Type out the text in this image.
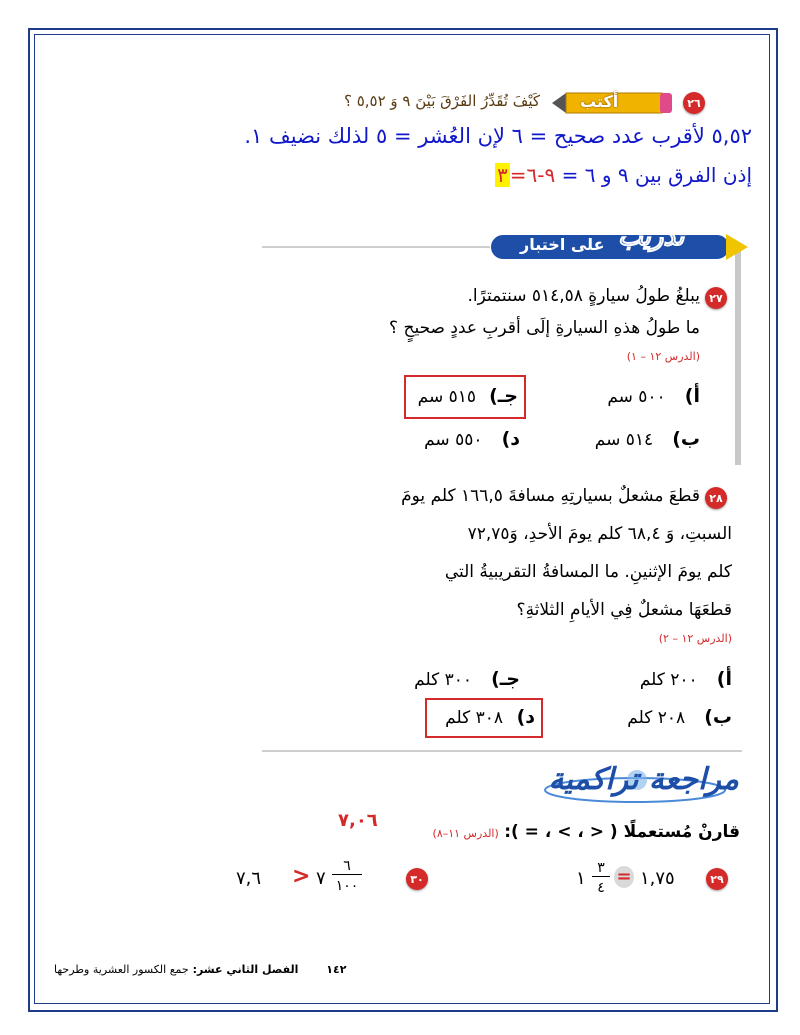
٢٦
أكتب
كَيْفَ تُقَدِّرُ الفَرْقَ بَيْنَ ٩ وَ ٥,٥٢ ؟
٥,٥٢ لأقرب عدد صحيح = ٦ لإن العُشر = ٥ لذلك نضيف ١.
إذن الفرق بين ٩ و ٦ = ٩-٦=٣
على اختبار تدريب
٢٧
يبلغُ طولُ سيارةٍ ٥١٤,٥٨ سنتمترًا.
ما طولُ هذهِ السيارةِ إلَى أقربِ عددٍ صحيحٍ ؟
(الدرس ١٢ – ١)
أ) ٥٠٠ سم
جـ)
٥١٥ سم
ب) ٥١٤ سم
د) ٥٥٠ سم
٢٨
قطعَ مشعلٌ بسيارتِهِ مسافةَ ١٦٦,٥ كلم يومَ
السبتِ، وَ ٦٨,٤ كلم يومَ الأحدِ، وَ٧٢,٧٥
كلم يومَ الإثنينِ. ما المسافةُ التقريبيةُ التي
قطعَهَا مشعلٌ فِي الأيامِ الثلاثةِ؟
(الدرس ١٢ – ٢)
أ) ٢٠٠ كلم
جـ) ٣٠٠ كلم
ب) ٢٠٨ كلم
د)
٣٠٨ كلم
مراجعة تراكمية
قارنْ مُستعملًا ( < ، > ، = ): (الدرس ١١–٨)
٧,٠٦
٢٩
١,٧٥
=
٣
٤
١
٣٠
٦
١٠٠
٧
>
٧,٦
١٤٢ الفصل الثاني عشر: جمع الكسور العشرية وطرحها
